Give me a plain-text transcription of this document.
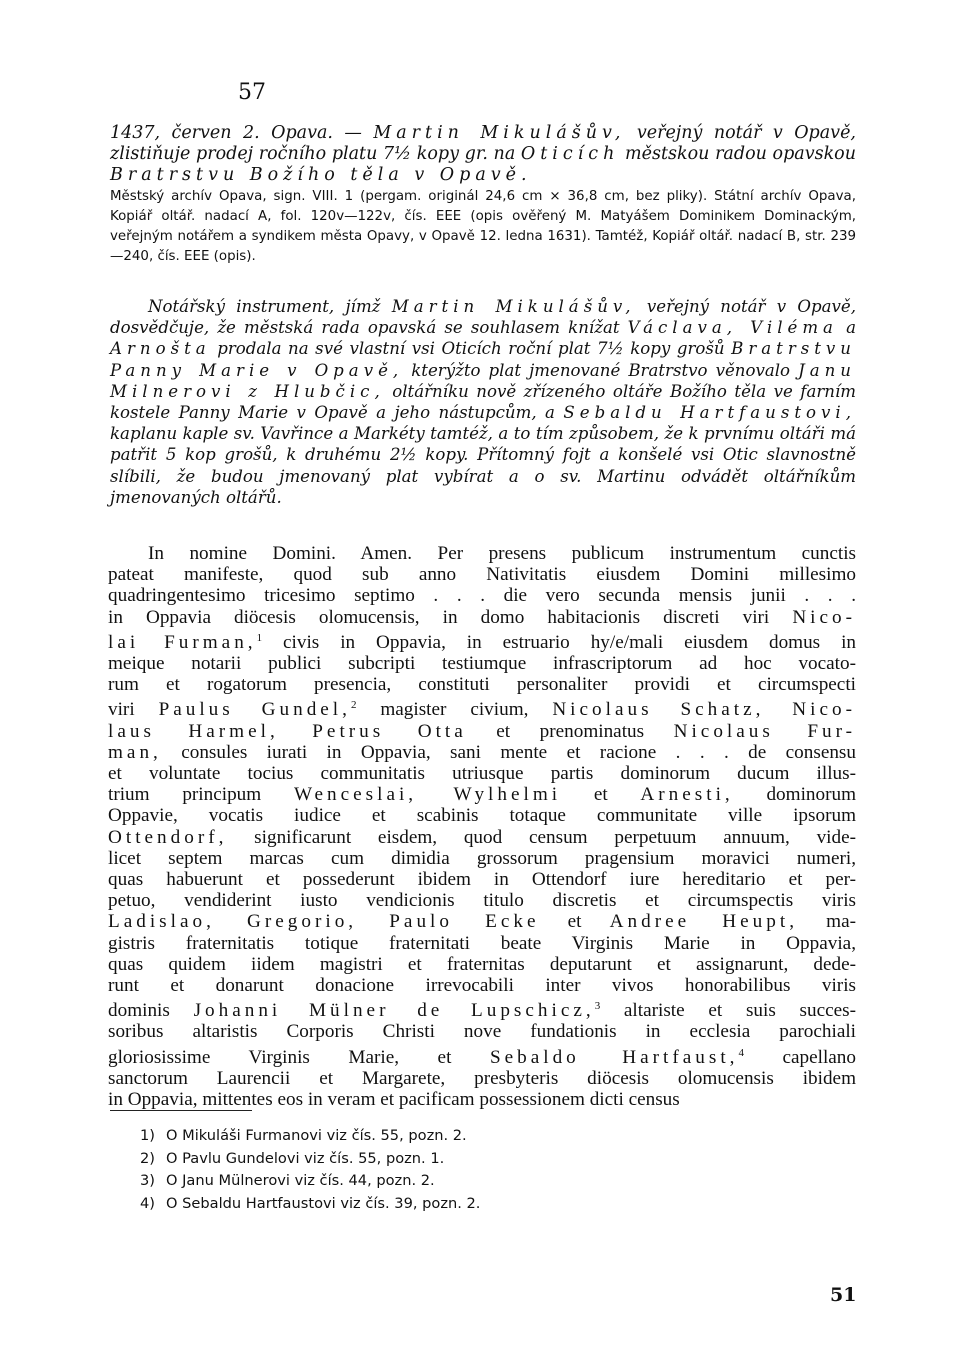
57

1437, červen 2. Opava. — Martin Mikulášův, veřejný notář v Opavě, zlistiňuje prodej ročního platu 7½ kopy gr. na Oticích městskou radou opavskou Bratrstvu Božího těla v Opavě.

Městský archív Opava, sign. VIII. 1 (pergam. originál 24,6 cm × 36,8 cm, bez pliky). Státní archív Opava, Kopiář oltář. nadací A, fol. 120v—122v, čís. EEE (opis ověřený M. Matyášem Dominikem Dominackým, veřejným notářem a syndikem města Opavy, v Opavě 12. ledna 1631). Tamtéž, Kopiář oltář. nadací B, str. 239—240, čís. EEE (opis).

Notářský instrument, jímž Martin Mikulášův, veřejný notář v Opavě, dosvědčuje, že městská rada opavská se souhlasem knížat Václava, Viléma a Arnošta prodala na své vlastní vsi Oticích roční plat 7½ kopy grošů Bratrstvu Panny Marie v Opavě, kterýžto plat jmenované Bratrstvo věnovalo Janu Milnerovi z Hlubčic, oltářníku nově zřízeného oltáře Božího těla ve farním kostele Panny Marie v Opavě a jeho nástupcům, a Sebaldu Hartfaustovi, kaplanu kaple sv. Vavřince a Markéty tamtéž, a to tím způsobem, že k prvnímu oltáři má patřit 5 kop grošů, k druhému 2½ kopy. Přítomný fojt a konšelé vsi Otic slavnostně slíbili, že budou jmenovaný plat vybírat a o sv. Martinu odvádět oltářníkům jmenovaných oltářů.

In nomine Domini. Amen. Per presens publicum instrumentum cunctis
pateat manifeste, quod sub anno Nativitatis eiusdem Domini millesimo
quadringentesimo tricesimo septimo . . . die vero secunda mensis junii . . .
in Oppavia diöcesis olomucensis, in domo habitacionis discreti viri Nico-
lai Furman,$^1$ civis in Oppavia, in estruario hy/e/mali eiusdem domus in
meique notarii publici subcripti testiumque infrascriptorum ad hoc vocato-
rum et rogatorum presencia, constituti personaliter providi et circumspecti
viri Paulus Gundel,$^2$ magister civium, Nicolaus Schatz, Nico-
laus Harmel, Petrus Otta et prenominatus Nicolaus Fur-
man, consules iurati in Oppavia, sani mente et racione . . . de consensu
et voluntate tocius communitatis utriusque partis dominorum ducum illus-
trium principum Wenceslai, Wylhelmi et Arnesti, dominorum
Oppavie, vocatis iudice et scabinis totaque communitate ville ipsorum
Ottendorf, significarunt eisdem, quod censum perpetuum annuum, vide-
licet septem marcas cum dimidia grossorum pragensium moravici numeri,
quas habuerunt et possederunt ibidem in Ottendorf iure hereditario et per-
petuo, vendiderint iusto vendicionis titulo discretis et circumspectis viris
Ladislao, Gregorio, Paulo Ecke et Andree Heupt, ma-
gistris fraternitatis totique fraternitati beate Virginis Marie in Oppavia,
quas quidem iidem magistri et fraternitas deputarunt et assignarunt, dede-
runt et donarunt donacione irrevocabili inter vivos honorabilibus viris
dominis Johanni Mülner de Lupschicz,$^3$ altariste et suis succes-
soribus altaristis Corporis Christi nove fundationis in ecclesia parochiali
gloriosissime Virginis Marie, et Sebaldo Hartfaust,$^4$ capellano
sanctorum Laurencii et Margarete, presbyteris diöcesis olomucensis ibidem
in Oppavia, mittentes eos in veram et pacificam possessionem dicti census
1) O Mikuláši Furmanovi viz čís. 55, pozn. 2.
2) O Pavlu Gundelovi viz čís. 55, pozn. 1.
3) O Janu Mülnerovi viz čís. 44, pozn. 2.
4) O Sebaldu Hartfaustovi viz čís. 39, pozn. 2.
51
